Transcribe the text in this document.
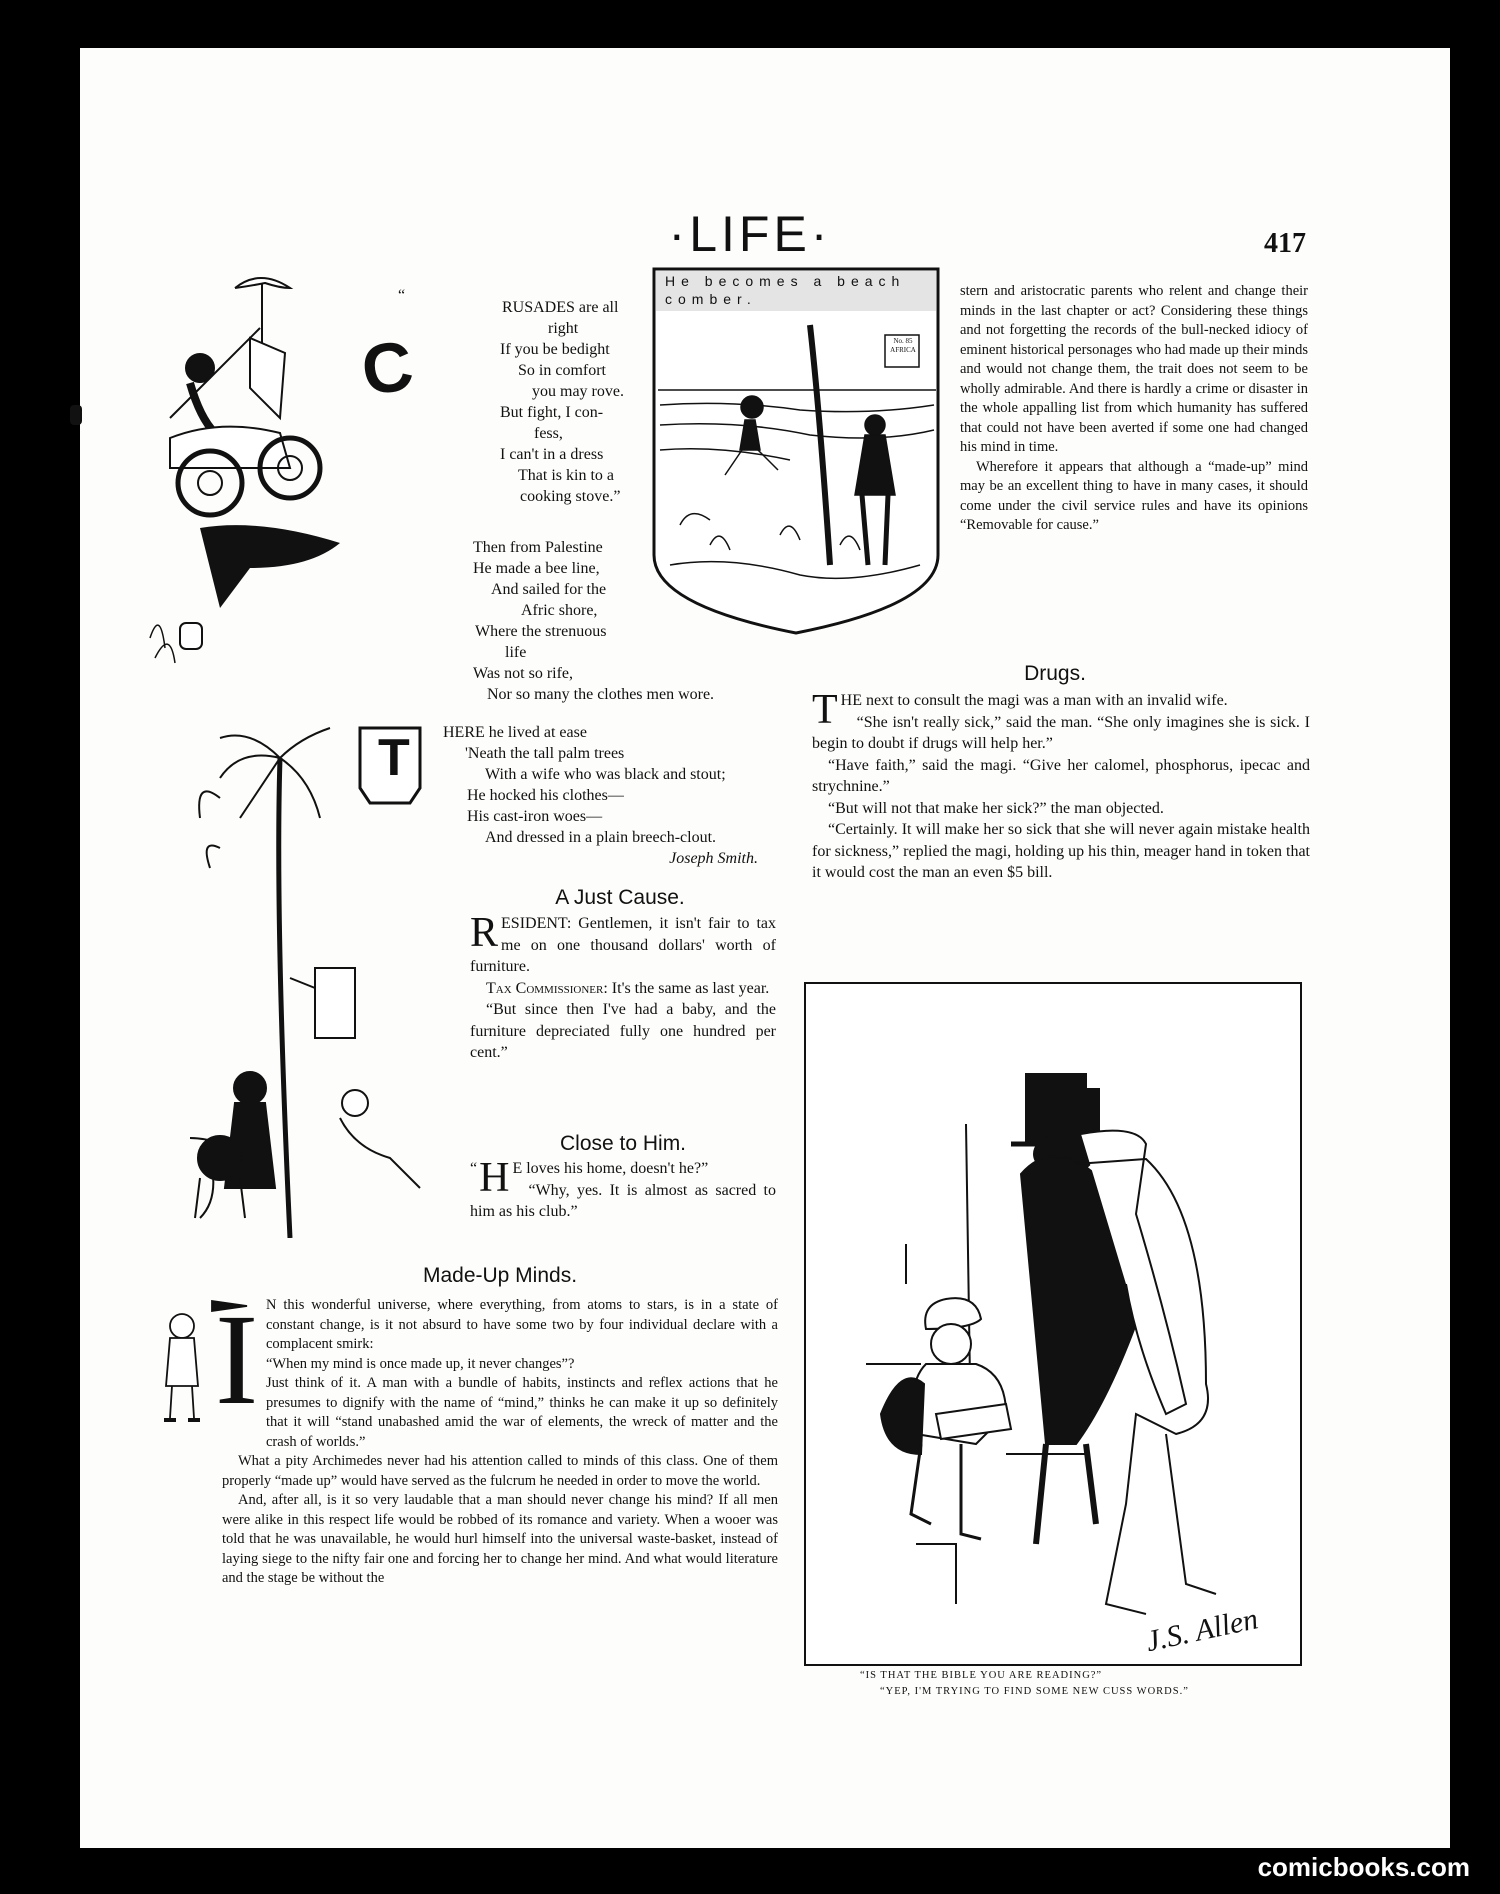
·LIFE·	417
C
“
RUSADES are all
right
If you be bedight
So in comfort
you may rove.
But fight, I con-
fess,
I can't in a dress
That is kin to a
cooking stove.”
Then from Palestine
He made a bee line,
And sailed for the
Afric shore,
Where the strenuous
life
Was not so rife,
Nor so many the clothes men wore.
He becomes a beach comber.
No. 85 AFRICA
T HERE he lived at ease
'Neath the tall palm trees
With a wife who was black and stout;
He hocked his clothes—
His cast-iron woes—
And dressed in a plain breech-clout.
Joseph Smith.
A Just Cause.

RESIDENT: Gentlemen, it isn't fair to tax me on one thousand dollars' worth of furniture.

Tax Commissioner: It's the same as last year.

“But since then I've had a baby, and the furniture depreciated fully one hundred per cent.”

Close to Him.

“ H E loves his home, doesn't he?”

“Why, yes. It is almost as sacred to him as his club.”

Made-Up Minds.
I N this wonderful universe, where everything, from atoms to stars, is in a state of constant change, is it not absurd to have some two by four individual declare with a complacent smirk:

“When my mind is once made up, it never changes”?

Just think of it. A man with a bundle of habits, instincts and reflex actions that he presumes to dignify with the name of “mind,” thinks he can make it up so definitely that it will “stand unabashed amid the war of elements, the wreck of matter and the crash of worlds.”

What a pity Archimedes never had his attention called to minds of this class. One of them properly “made up” would have served as the fulcrum he needed in order to move the world.

And, after all, is it so very laudable that a man should never change his mind? If all men were alike in this respect life would be robbed of its romance and variety. When a wooer was told that he was unavailable, he would hurl himself into the universal waste-basket, instead of laying siege to the nifty fair one and forcing her to change her mind. And what would literature and the stage be without the

stern and aristocratic parents who relent and change their minds in the last chapter or act? Considering these things and not forgetting the records of the bull-necked idiocy of eminent historical personages who had made up their minds and would not change them, the trait does not seem to be wholly admirable. And there is hardly a crime or disaster in the whole appalling list from which humanity has suffered that could not have been averted if some one had changed his mind in time.

Wherefore it appears that although a “made-up” mind may be an excellent thing to have in many cases, it should come under the civil service rules and have its opinions “Removable for cause.”

Drugs.

THE next to consult the magi was a man with an invalid wife.

“She isn't really sick,” said the man. “She only imagines she is sick. I begin to doubt if drugs will help her.”

“Have faith,” said the magi. “Give her calomel, phosphorus, ipecac and strychnine.”

“But will not that make her sick?” the man objected.

“Certainly. It will make her so sick that she will never again mistake health for sickness,” replied the magi, holding up his thin, meager hand in token that it would cost the man an even $5 bill.

J.S. Allen
“IS THAT THE BIBLE YOU ARE READING?”
“YEP, I'M TRYING TO FIND SOME NEW CUSS WORDS.”
comicbooks.com
